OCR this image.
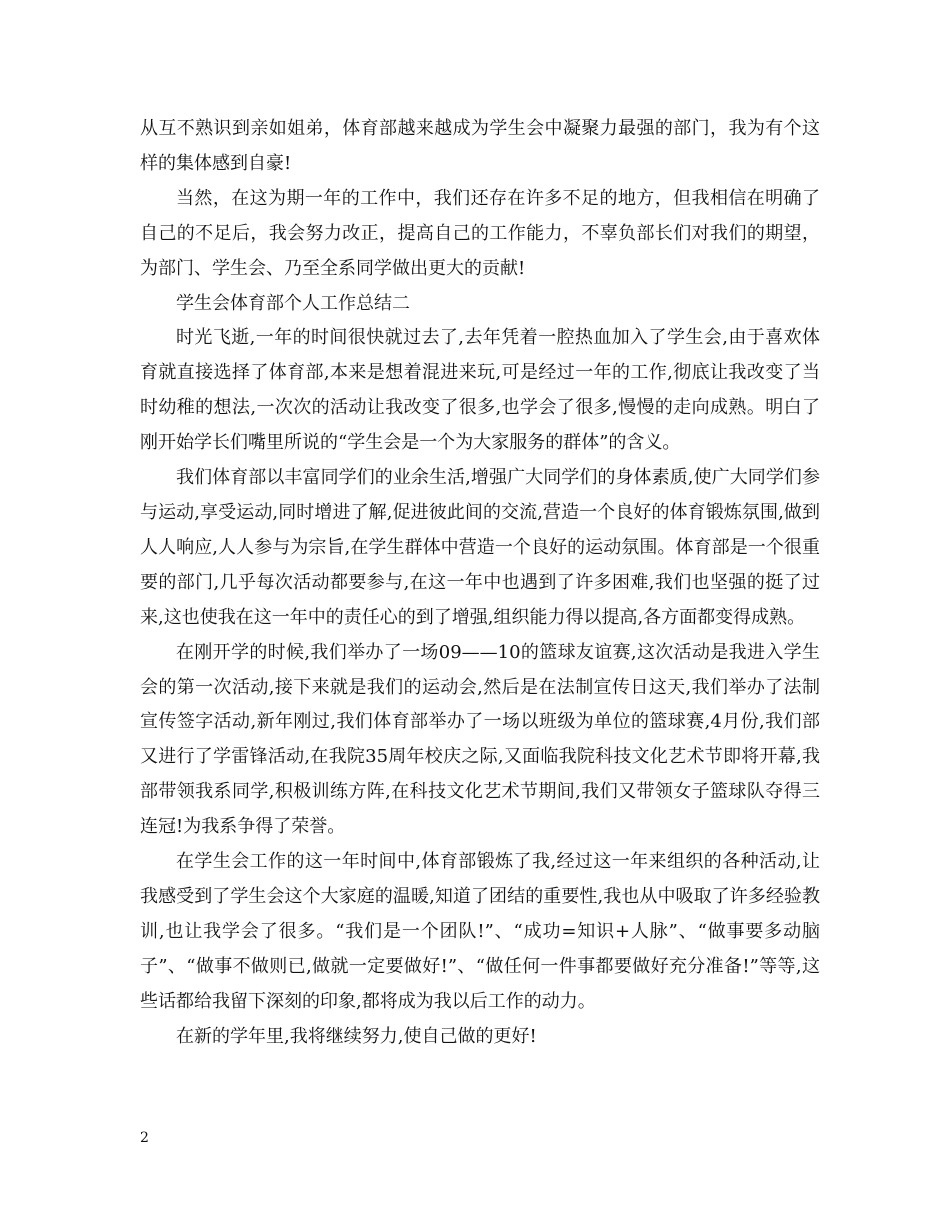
从互不熟识到亲如姐弟，体育部越来越成为学生会中凝聚力最强的部门，我为有个这样的集体感到自豪!

当然，在这为期一年的工作中，我们还存在许多不足的地方，但我相信在明确了自己的不足后，我会努力改正，提高自己的工作能力，不辜负部长们对我们的期望，为部门、学生会、乃至全系同学做出更大的贡献!

学生会体育部个人工作总结二

时光飞逝,一年的时间很快就过去了,去年凭着一腔热血加入了学生会,由于喜欢体育就直接选择了体育部,本来是想着混进来玩,可是经过一年的工作,彻底让我改变了当时幼稚的想法,一次次的活动让我改变了很多,也学会了很多,慢慢的走向成熟。明白了刚开始学长们嘴里所说的“学生会是一个为大家服务的群体”的含义。

我们体育部以丰富同学们的业余生活,增强广大同学们的身体素质,使广大同学们参与运动,享受运动,同时增进了解,促进彼此间的交流,营造一个良好的体育锻炼氛围,做到人人响应,人人参与为宗旨,在学生群体中营造一个良好的运动氛围。体育部是一个很重要的部门,几乎每次活动都要参与,在这一年中也遇到了许多困难,我们也坚强的挺了过来,这也使我在这一年中的责任心的到了增强,组织能力得以提高,各方面都变得成熟。

在刚开学的时候,我们举办了一场09——10的篮球友谊赛,这次活动是我进入学生会的第一次活动,接下来就是我们的运动会,然后是在法制宣传日这天,我们举办了法制宣传签字活动,新年刚过,我们体育部举办了一场以班级为单位的篮球赛,4月份,我们部又进行了学雷锋活动,在我院35周年校庆之际,又面临我院科技文化艺术节即将开幕,我部带领我系同学,积极训练方阵,在科技文化艺术节期间,我们又带领女子篮球队夺得三连冠!为我系争得了荣誉。

在学生会工作的这一年时间中,体育部锻炼了我,经过这一年来组织的各种活动,让我感受到了学生会这个大家庭的温暖,知道了团结的重要性,我也从中吸取了许多经验教训,也让我学会了很多。“我们是一个团队!”、“成功=知识+人脉”、“做事要多动脑子”、“做事不做则已,做就一定要做好!”、“做任何一件事都要做好充分准备!”等等,这些话都给我留下深刻的印象,都将成为我以后工作的动力。

在新的学年里,我将继续努力,使自己做的更好!

2
